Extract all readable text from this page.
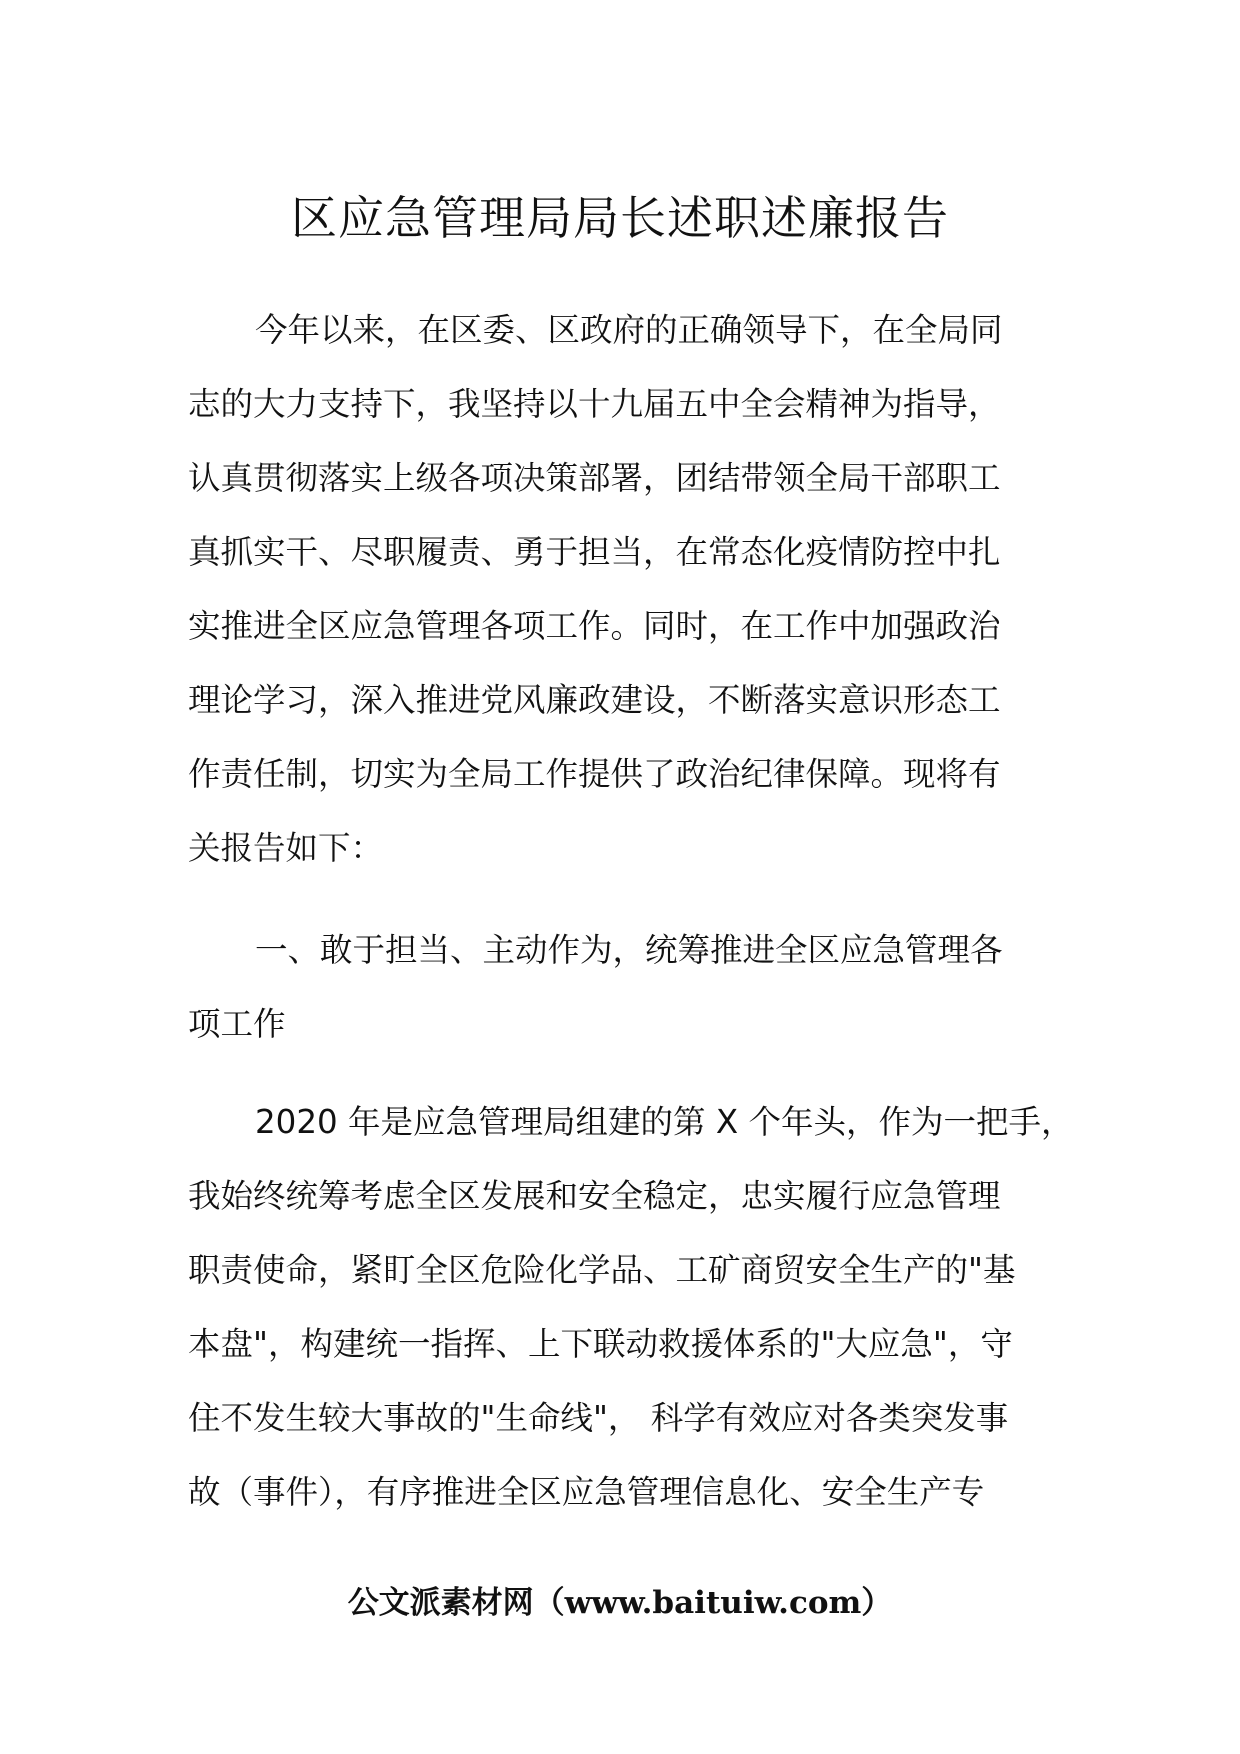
区应急管理局局长述职述廉报告
今年以来，在区委、区政府的正确领导下，在全局同
志的大力支持下，我坚持以十九届五中全会精神为指导，
认真贯彻落实上级各项决策部署，团结带领全局干部职工
真抓实干、尽职履责、勇于担当，在常态化疫情防控中扎
实推进全区应急管理各项工作。同时，在工作中加强政治
理论学习，深入推进党风廉政建设，不断落实意识形态工
作责任制，切实为全局工作提供了政治纪律保障。现将有
关报告如下：
一、敢于担当、主动作为，统筹推进全区应急管理各
项工作
2020 年是应急管理局组建的第 X 个年头，作为一把手，
我始终统筹考虑全区发展和安全稳定，忠实履行应急管理
职责使命，紧盯全区危险化学品、工矿商贸安全生产的"基
本盘"，构建统一指挥、上下联动救援体系的"大应急"，守
住不发生较大事故的"生命线"， 科学有效应对各类突发事
故（事件），有序推进全区应急管理信息化、安全生产专
公文派素材网（www.baituiw.com）
